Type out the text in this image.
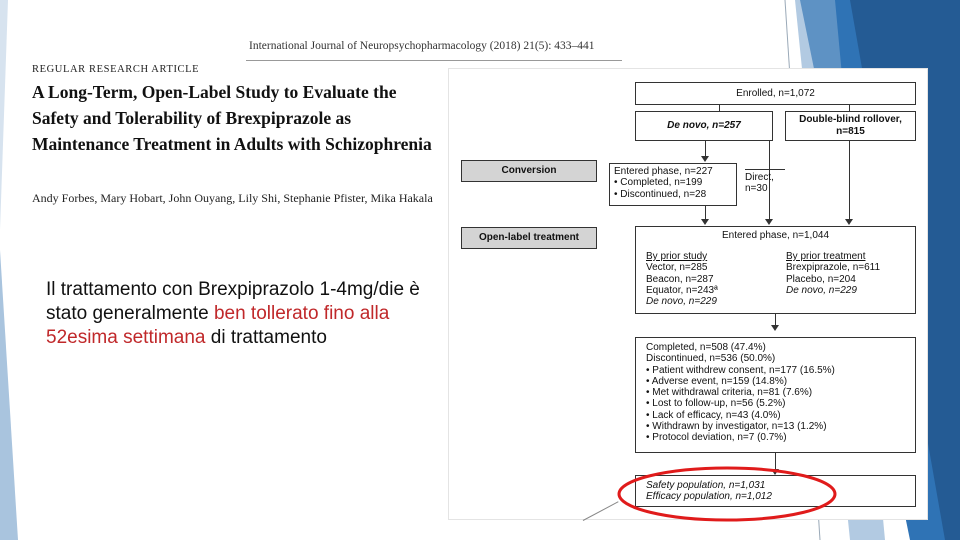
International Journal of Neuropsychopharmacology (2018) 21(5): 433–441
REGULAR RESEARCH ARTICLE
A Long-Term, Open-Label Study to Evaluate the Safety and Tolerability of Brexpiprazole as Maintenance Treatment in Adults with Schizophrenia
Andy Forbes, Mary Hobart, John Ouyang, Lily Shi, Stephanie Pfister, Mika Hakala
Il trattamento con Brexpiprazolo 1-4mg/die è stato generalmente ben tollerato fino alla 52esima settimana di trattamento
Enrolled, n=1,072
De novo, n=257
Double-blind rollover, n=815
Conversion	Entered phase, n=227
• Completed, n=199
• Discontinued, n=28
Direct, n=30
Open-label treatment	Entered phase, n=1,044
By prior study
Vector, n=285
Beacon, n=287
Equator, n=243ª
De novo, n=229
By prior treatment
Brexpiprazole, n=611
Placebo, n=204
De novo, n=229
Completed, n=508 (47.4%)
Discontinued, n=536 (50.0%)
• Patient withdrew consent, n=177 (16.5%)
• Adverse event, n=159 (14.8%)
• Met withdrawal criteria, n=81 (7.6%)
• Lost to follow-up, n=56 (5.2%)
• Lack of efficacy, n=43 (4.0%)
• Withdrawn by investigator, n=13 (1.2%)
• Protocol deviation, n=7 (0.7%)
Safety population, n=1,031
Efficacy population, n=1,012
